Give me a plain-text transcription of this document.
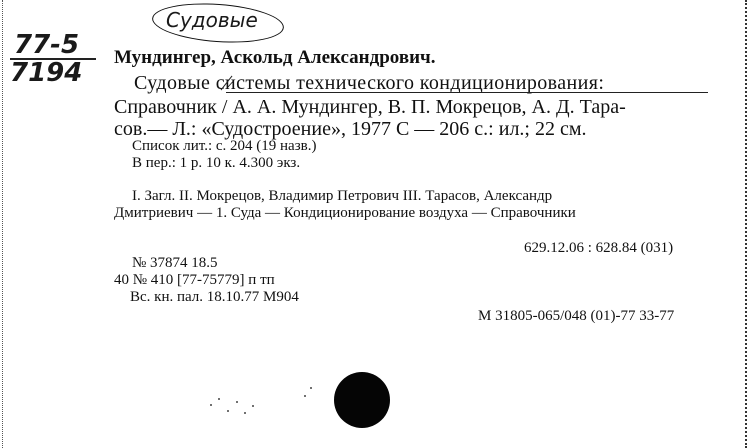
Судовые
77-5
7194
Мундингер, Аскольд Александрович.
Судовые системы технического кондиционирования:
Справочник / А. А. Мундингер, В. П. Мокрецов, А. Д. Тара-
сов.— Л.: «Судостроение», 1977 С — 206 с.: ил.; 22 см.
Список лит.: с. 204 (19 назв.)
В пер.: 1 р. 10 к. 4.300 экз.
I. Загл. II. Мокрецов, Владимир Петрович III. Тарасов, Александр
Дмитриевич — 1. Суда — Кондиционирование воздуха — Справочники
629.12.06 : 628.84 (031)
№ 37874 18.5
40 № 410 [77-75779] п тп
Вс. кн. пал. 18.10.77 М904
М 31805-065/048 (01)-77 33-77
